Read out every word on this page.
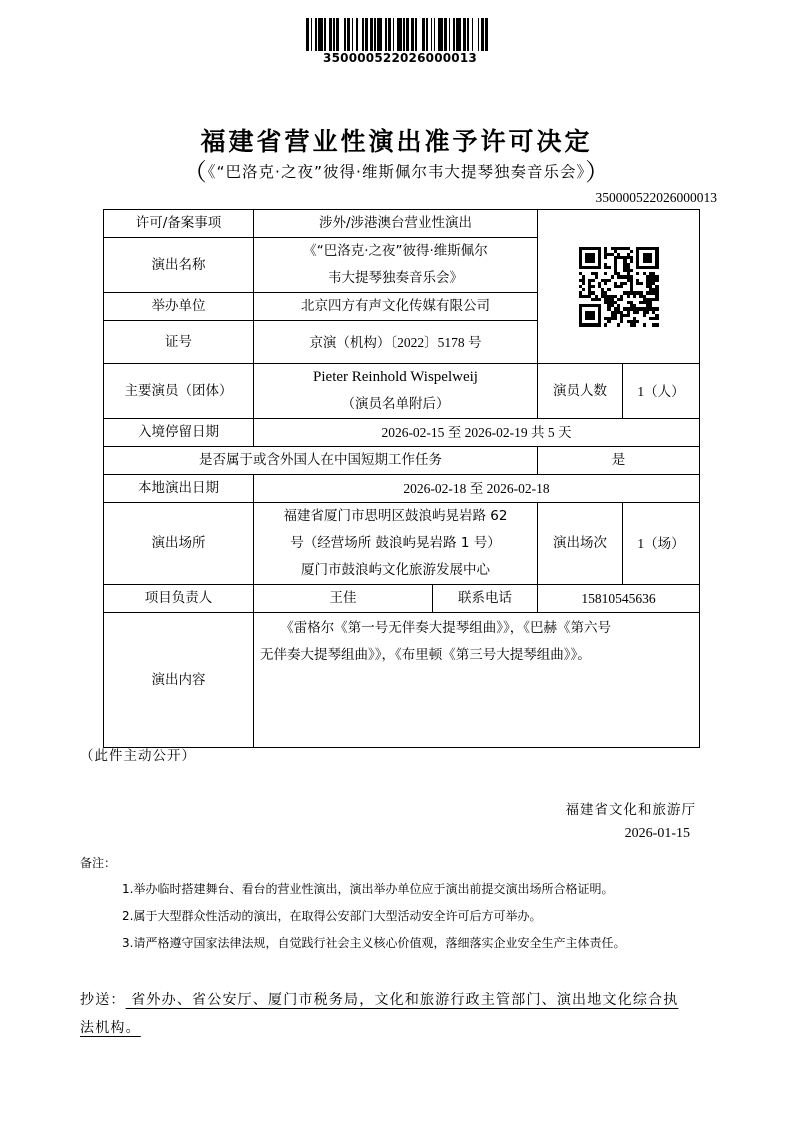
350000522026000013
福建省营业性演出准予许可决定
（《“巴洛克·之夜”彼得·维斯佩尔韦大提琴独奏音乐会》）
350000522026000013
许可/备案事项	涉外/涉港澳台营业性演出			

演出名称	《“巴洛克·之夜”彼得·维斯佩尔
韦大提琴独奏音乐会》			

举办单位	北京四方有声文化传媒有限公司			
证号	京演（机构）〔2022〕5178 号			
主要演员（团体）	Pieter Reinhold Wispelweij
（演员名单附后）		演员人数	1（人）
入境停留日期	2026-02-15 至 2026-02-19 共 5 天			
是否属于或含外国人在中国短期工作任务			是	
本地演出日期	2026-02-18 至 2026-02-18			
演出场所	福建省厦门市思明区鼓浪屿晃岩路 62
号（经营场所 鼓浪屿晃岩路 1 号）
厦门市鼓浪屿文化旅游发展中心		演出场次	1（场）
项目负责人	王佳	联系电话	15810545636	
演出内容	　　《雷格尔《第一号无伴奏大提琴组曲》》，《巴赫《第六号
无伴奏大提琴组曲》》，《布里顿《第三号大提琴组曲》》。			
（此件主动公开）
福建省文化和旅游厅
2026-01-15
备注：
1.举办临时搭建舞台、看台的营业性演出，演出举办单位应于演出前提交演出场所合格证明。
2.属于大型群众性活动的演出，在取得公安部门大型活动安全许可后方可举办。
3.请严格遵守国家法律法规，自觉践行社会主义核心价值观，落细落实企业安全生产主体责任。
抄送： 省外办、省公安厅、厦门市税务局，文化和旅游行政主管部门、演出地文化综合执
法机构。
